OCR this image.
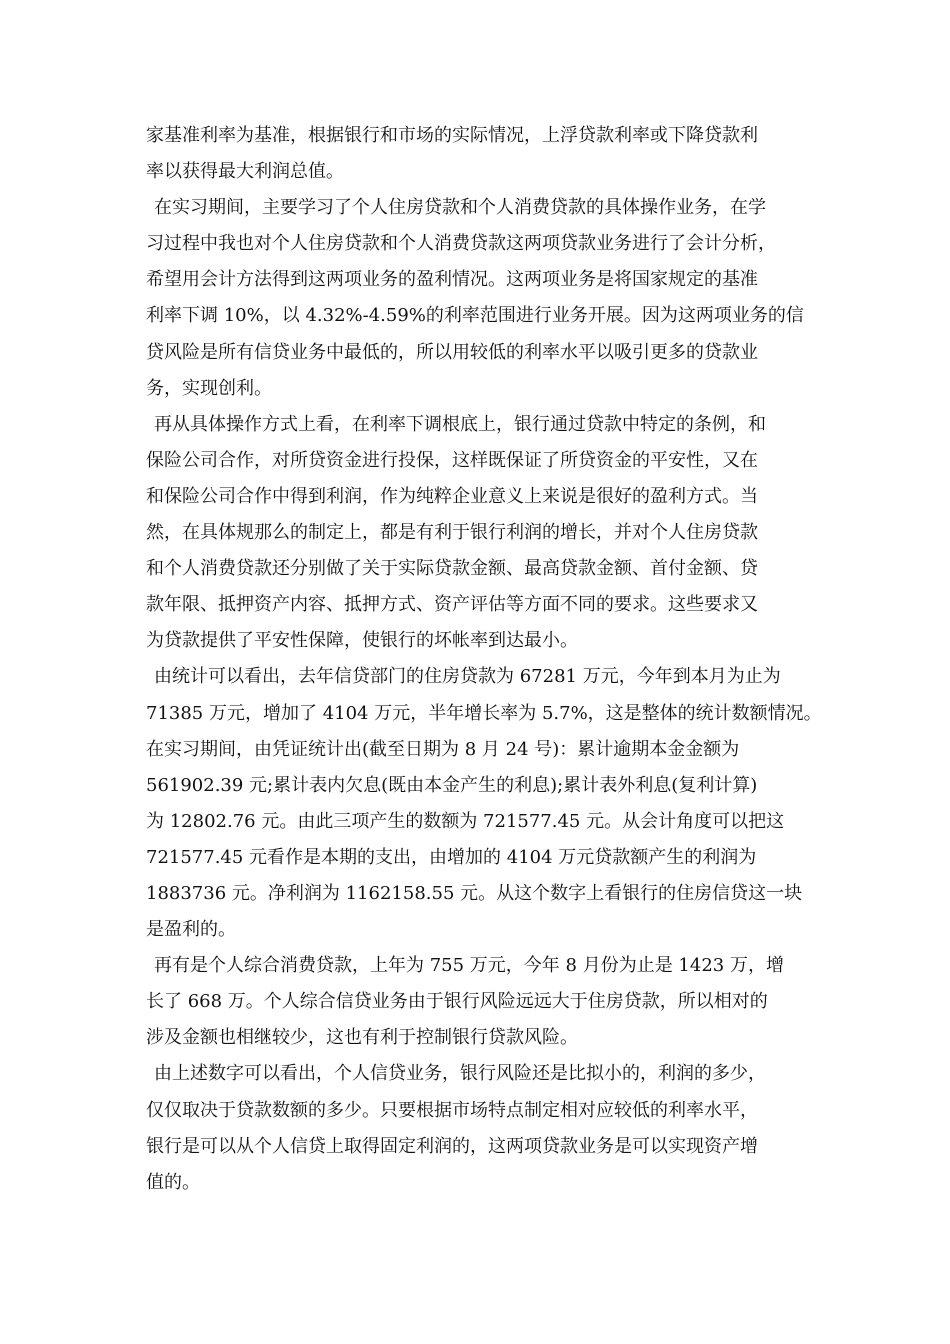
家基准利率为基准，根据银行和市场的实际情况，上浮贷款利率或下降贷款利
率以获得最大利润总值。
在实习期间，主要学习了个人住房贷款和个人消费贷款的具体操作业务，在学
习过程中我也对个人住房贷款和个人消费贷款这两项贷款业务进行了会计分析，
希望用会计方法得到这两项业务的盈利情况。这两项业务是将国家规定的基准
利率下调 10%，以 4.32%-4.59%的利率范围进行业务开展。因为这两项业务的信
贷风险是所有信贷业务中最低的，所以用较低的利率水平以吸引更多的贷款业
务，实现创利。
再从具体操作方式上看，在利率下调根底上，银行通过贷款中特定的条例，和
保险公司合作，对所贷资金进行投保，这样既保证了所贷资金的平安性，又在
和保险公司合作中得到利润，作为纯粹企业意义上来说是很好的盈利方式。当
然，在具体规那么的制定上，都是有利于银行利润的增长，并对个人住房贷款
和个人消费贷款还分别做了关于实际贷款金额、最高贷款金额、首付金额、贷
款年限、抵押资产内容、抵押方式、资产评估等方面不同的要求。这些要求又
为贷款提供了平安性保障，使银行的坏帐率到达最小。
由统计可以看出，去年信贷部门的住房贷款为 67281 万元，今年到本月为止为
71385 万元，增加了 4104 万元，半年增长率为 5.7%，这是整体的统计数额情况。
在实习期间，由凭证统计出(截至日期为 8 月 24 号)：累计逾期本金金额为
561902.39 元;累计表内欠息(既由本金产生的利息);累计表外利息(复利计算)
为 12802.76 元。由此三项产生的数额为 721577.45 元。从会计角度可以把这
721577.45 元看作是本期的支出，由增加的 4104 万元贷款额产生的利润为
1883736 元。净利润为 1162158.55 元。从这个数字上看银行的住房信贷这一块
是盈利的。
再有是个人综合消费贷款，上年为 755 万元，今年 8 月份为止是 1423 万，增
长了 668 万。个人综合信贷业务由于银行风险远远大于住房贷款，所以相对的
涉及金额也相继较少，这也有利于控制银行贷款风险。
由上述数字可以看出，个人信贷业务，银行风险还是比拟小的，利润的多少，
仅仅取决于贷款数额的多少。只要根据市场特点制定相对应较低的利率水平，
银行是可以从个人信贷上取得固定利润的，这两项贷款业务是可以实现资产增
值的。
